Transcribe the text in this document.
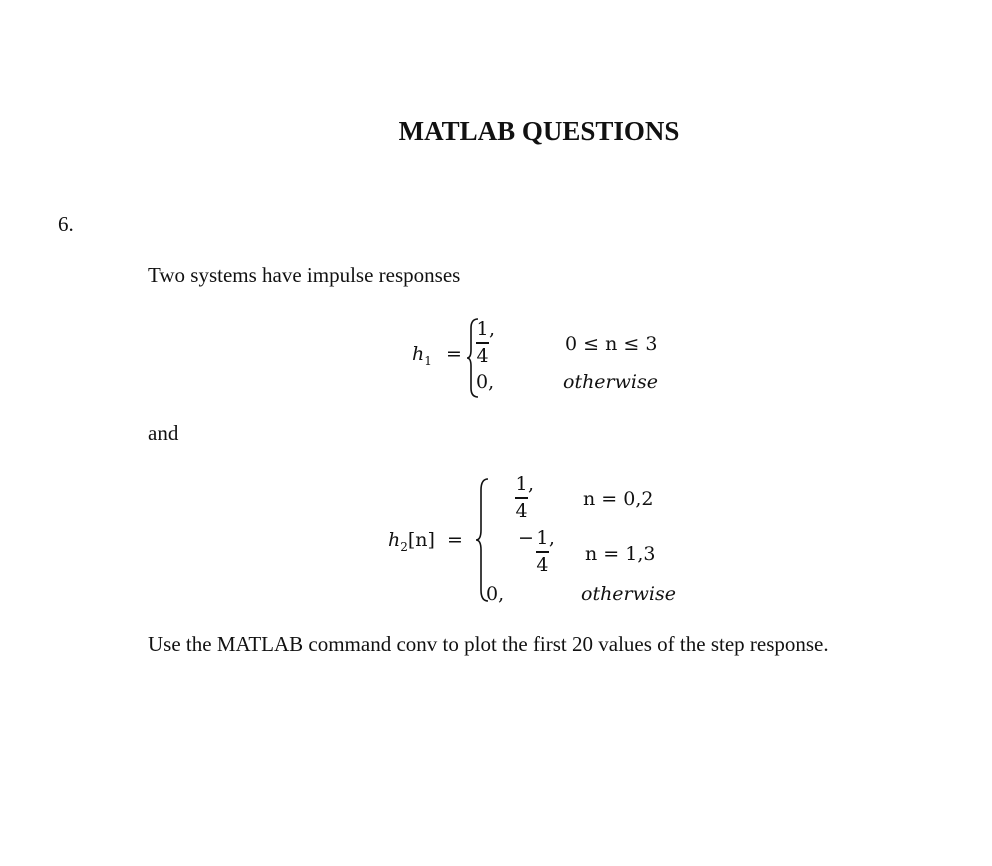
MATLAB QUESTIONS
6.
Two systems have impulse responses
$h_1 = \frac{1}{4}$ ,
0 ≤ n ≤ 3
0,	otherwise
and
$h_2[n]$ =
$\frac{1}{4}$ ,
n = 0,2
− $\frac{1}{4}$ ,
n = 1,3
0,	otherwise
Use the MATLAB command conv to plot the first 20 values of the step response.
